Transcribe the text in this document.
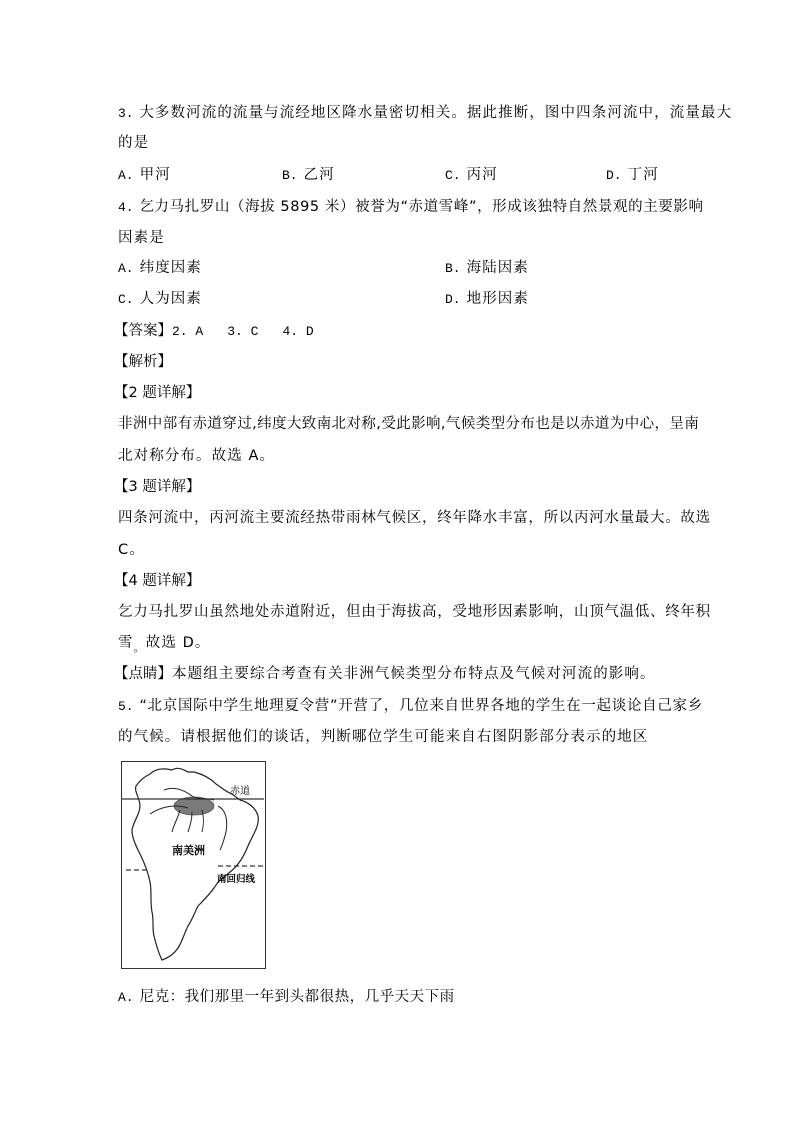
3. 大多数河流的流量与流经地区降水量密切相关。据此推断，图中四条河流中，流量最大
的是
A. 甲河	B. 乙河	C. 丙河	D. 丁河
4. 乞力马扎罗山（海拔 5895 米）被誉为“赤道雪峰”，形成该独特自然景观的主要影响
因素是
A. 纬度因素	B. 海陆因素
C. 人为因素	D. 地形因素
【答案】2. A 3. C 4. D
【解析】
【2 题详解】
非洲中部有赤道穿过,纬度大致南北对称,受此影响,气候类型分布也是以赤道为中心，呈南
北对称分布。故选 A。
【3 题详解】
四条河流中，丙河流主要流经热带雨林气候区，终年降水丰富，所以丙河水量最大。故选
C。
【4 题详解】
乞力马扎罗山虽然地处赤道附近，但由于海拔高，受地形因素影响，山顶气温低、终年积
雪$_。$故选 D。
【点睛】本题组主要综合考查有关非洲气候类型分布特点及气候对河流的影响。
5. “北京国际中学生地理夏令营”开营了，几位来自世界各地的学生在一起谈论自己家乡
的气候。请根据他们的谈话，判断哪位学生可能来自右图阴影部分表示的地区
赤道
南美洲
南回归线
A. 尼克：我们那里一年到头都很热，几乎天天下雨
